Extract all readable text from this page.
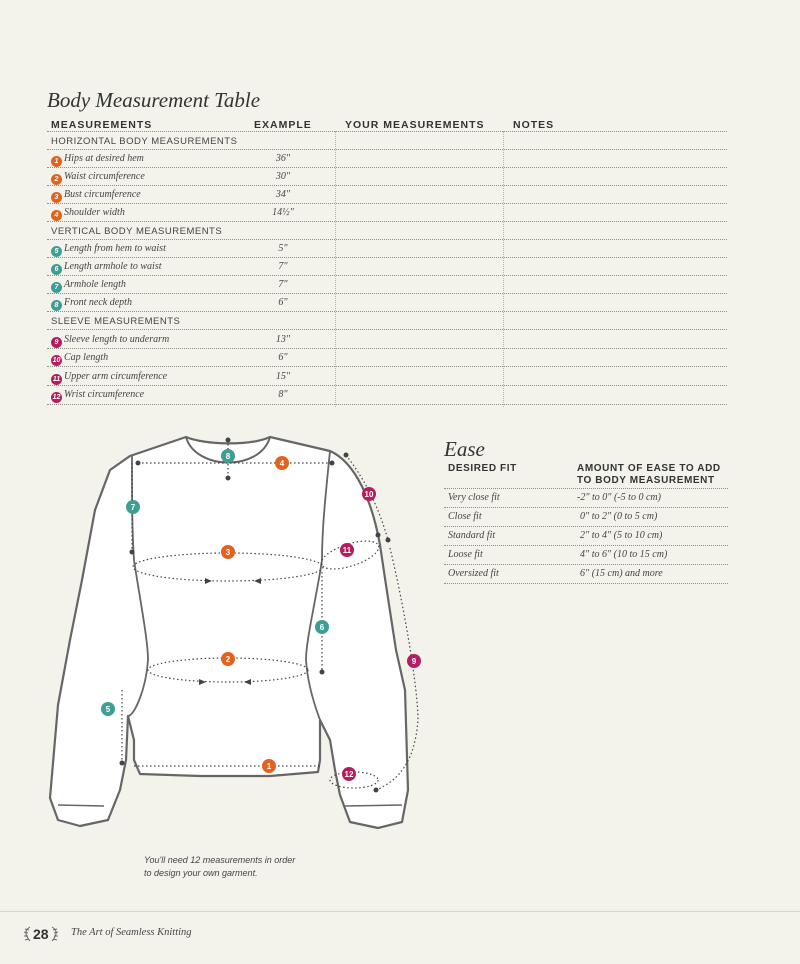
Body Measurement Table
MEASUREMENTS	EXAMPLE	YOUR MEASUREMENTS	NOTES
HORIZONTAL BODY MEASUREMENTS
1 Hips at desired hem	36"
2 Waist circumference	30"
3 Bust circumference	34"
4 Shoulder width	14½"
VERTICAL BODY MEASUREMENTS
5 Length from hem to waist	5"
6 Length armhole to waist	7"
7 Armhole length	7"
8 Front neck depth	6"
SLEEVE MEASUREMENTS
9 Sleeve length to underarm	13"
10 Cap length	6"
11 Upper arm circumference	15"
12 Wrist circumference	8"
1
2
3
4
5
6
7
8
9
10
11
12
You'll need 12 measurements in order
to design your own garment.
Ease
DESIRED FIT	AMOUNT OF EASE TO ADD
TO BODY MEASUREMENT
Very close fit	-2" to 0" (-5 to 0 cm)
Close fit	0" to 2" (0 to 5 cm)
Standard fit	2" to 4" (5 to 10 cm)
Loose fit	4" to 6" (10 to 15 cm)
Oversized fit	6" (15 cm) and more
28 The Art of Seamless Knitting
